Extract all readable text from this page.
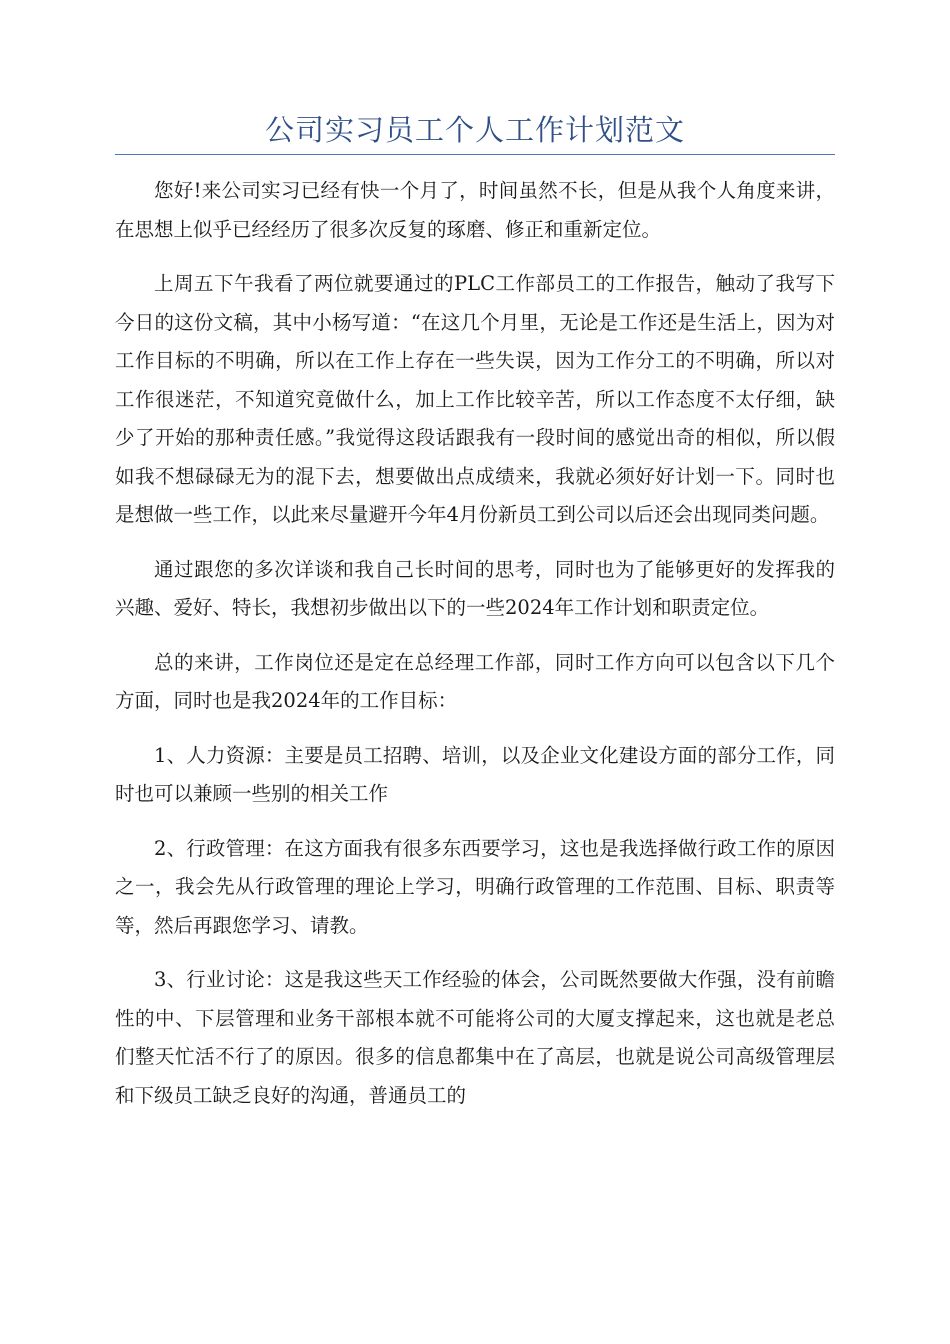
公司实习员工个人工作计划范文

您好!来公司实习已经有快一个月了，时间虽然不长，但是从我个人角度来讲，在思想上似乎已经经历了很多次反复的琢磨、修正和重新定位。

上周五下午我看了两位就要通过的PLC工作部员工的工作报告，触动了我写下今日的这份文稿，其中小杨写道：“在这几个月里，无论是工作还是生活上，因为对工作目标的不明确，所以在工作上存在一些失误，因为工作分工的不明确，所以对工作很迷茫，不知道究竟做什么，加上工作比较辛苦，所以工作态度不太仔细，缺少了开始的那种责任感。”我觉得这段话跟我有一段时间的感觉出奇的相似，所以假如我不想碌碌无为的混下去，想要做出点成绩来，我就必须好好计划一下。同时也是想做一些工作，以此来尽量避开今年4月份新员工到公司以后还会出现同类问题。

通过跟您的多次详谈和我自己长时间的思考，同时也为了能够更好的发挥我的兴趣、爱好、特长，我想初步做出以下的一些2024年工作计划和职责定位。

总的来讲，工作岗位还是定在总经理工作部，同时工作方向可以包含以下几个方面，同时也是我2024年的工作目标：

1、人力资源：主要是员工招聘、培训，以及企业文化建设方面的部分工作，同时也可以兼顾一些别的相关工作

2、行政管理：在这方面我有很多东西要学习，这也是我选择做行政工作的原因之一，我会先从行政管理的理论上学习，明确行政管理的工作范围、目标、职责等等，然后再跟您学习、请教。

3、行业讨论：这是我这些天工作经验的体会，公司既然要做大作强，没有前瞻性的中、下层管理和业务干部根本就不可能将公司的大厦支撑起来，这也就是老总们整天忙活不行了的原因。很多的信息都集中在了高层，也就是说公司高级管理层和下级员工缺乏良好的沟通，普通员工的
